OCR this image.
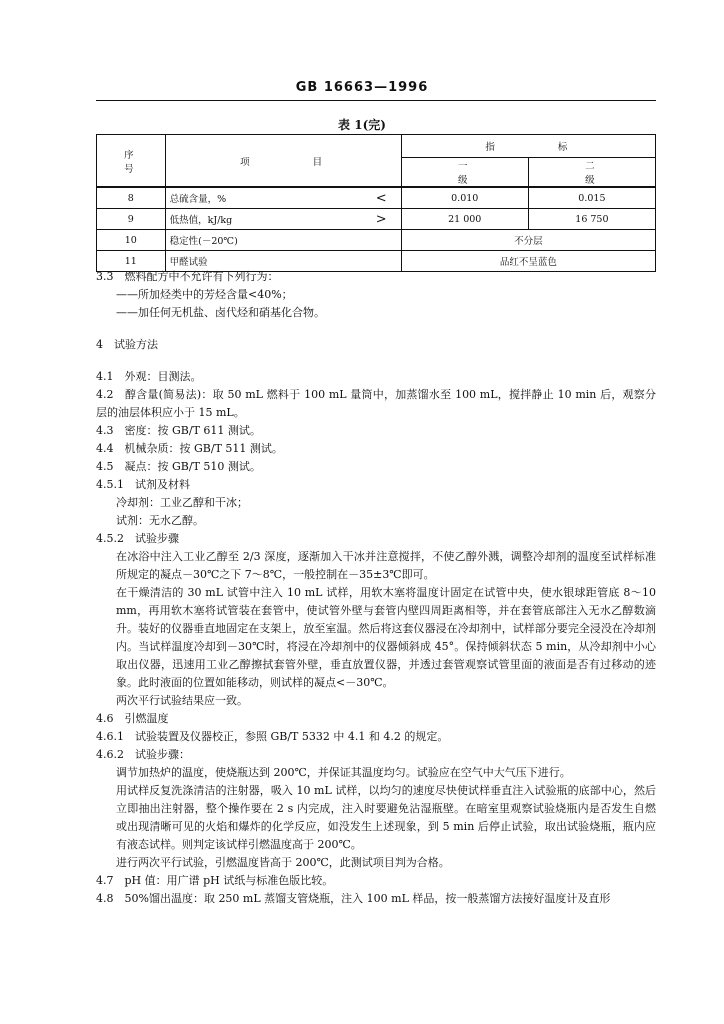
GB 16663—1996
表 1(完)
序 号	项 目		指 标	
			一 级	二 级
8	总硫含量，%	<	0.010	0.015
9	低热值，kJ/kg	>	21 000	16 750
10	稳定性(－20℃)		不分层	
11	甲醛试验		品红不呈蓝色	

3.3　燃料配方中不允许有下列行为：

——所加烃类中的芳烃含量<40%；

——加任何无机盐、卤代烃和硝基化合物。

4　试验方法

4.1　外观：目测法。

4.2　醇含量(简易法)：取 50 mL 燃料于 100 mL 量筒中，加蒸馏水至 100 mL，搅拌静止 10 min 后，观察分层的油层体积应小于 15 mL。

4.3　密度：按 GB/T 611 测试。

4.4　机械杂质：按 GB/T 511 测试。

4.5　凝点：按 GB/T 510 测试。

4.5.1　试剂及材料

冷却剂：工业乙醇和干冰；

试剂：无水乙醇。

4.5.2　试验步骤

在冰浴中注入工业乙醇至 2/3 深度，逐渐加入干冰并注意搅拌，不使乙醇外溅，调整冷却剂的温度至试样标准所规定的凝点－30℃之下 7～8℃，一般控制在－35±3℃即可。

在干燥清洁的 30 mL 试管中注入 10 mL 试样，用软木塞将温度计固定在试管中央，使水银球距管底 8～10 mm，再用软木塞将试管装在套管中，使试管外壁与套管内壁四周距离相等，并在套管底部注入无水乙醇数滴升。装好的仪器垂直地固定在支架上，放至室温。然后将这套仪器浸在冷却剂中，试样部分要完全浸没在冷却剂内。当试样温度冷却到－30℃时，将浸在冷却剂中的仪器倾斜成 45°。保持倾斜状态 5 min，从冷却剂中小心取出仪器，迅速用工业乙醇擦拭套管外壁，垂直放置仪器，并透过套管观察试管里面的液面是否有过移动的迹象。此时液面的位置如能移动，则试样的凝点<－30℃。

两次平行试验结果应一致。

4.6　引燃温度

4.6.1　试验装置及仪器校正，参照 GB/T 5332 中 4.1 和 4.2 的规定。

4.6.2　试验步骤：

调节加热炉的温度，使烧瓶达到 200℃，并保证其温度均匀。试验应在空气中大气压下进行。

用试样反复洗涤清洁的注射器，吸入 10 mL 试样，以均匀的速度尽快使试样垂直注入试验瓶的底部中心，然后立即抽出注射器，整个操作要在 2 s 内完成，注入时要避免沾湿瓶壁。在暗室里观察试验烧瓶内是否发生自燃或出现清晰可见的火焰和爆炸的化学反应，如没发生上述现象，到 5 min 后停止试验，取出试验烧瓶，瓶内应有液态试样。则判定该试样引燃温度高于 200℃。

进行两次平行试验，引燃温度皆高于 200℃，此测试项目判为合格。

4.7　pH 值：用广谱 pH 试纸与标准色版比较。

4.8　50%馏出温度：取 250 mL 蒸馏支管烧瓶，注入 100 mL 样品，按一般蒸馏方法接好温度计及直形
